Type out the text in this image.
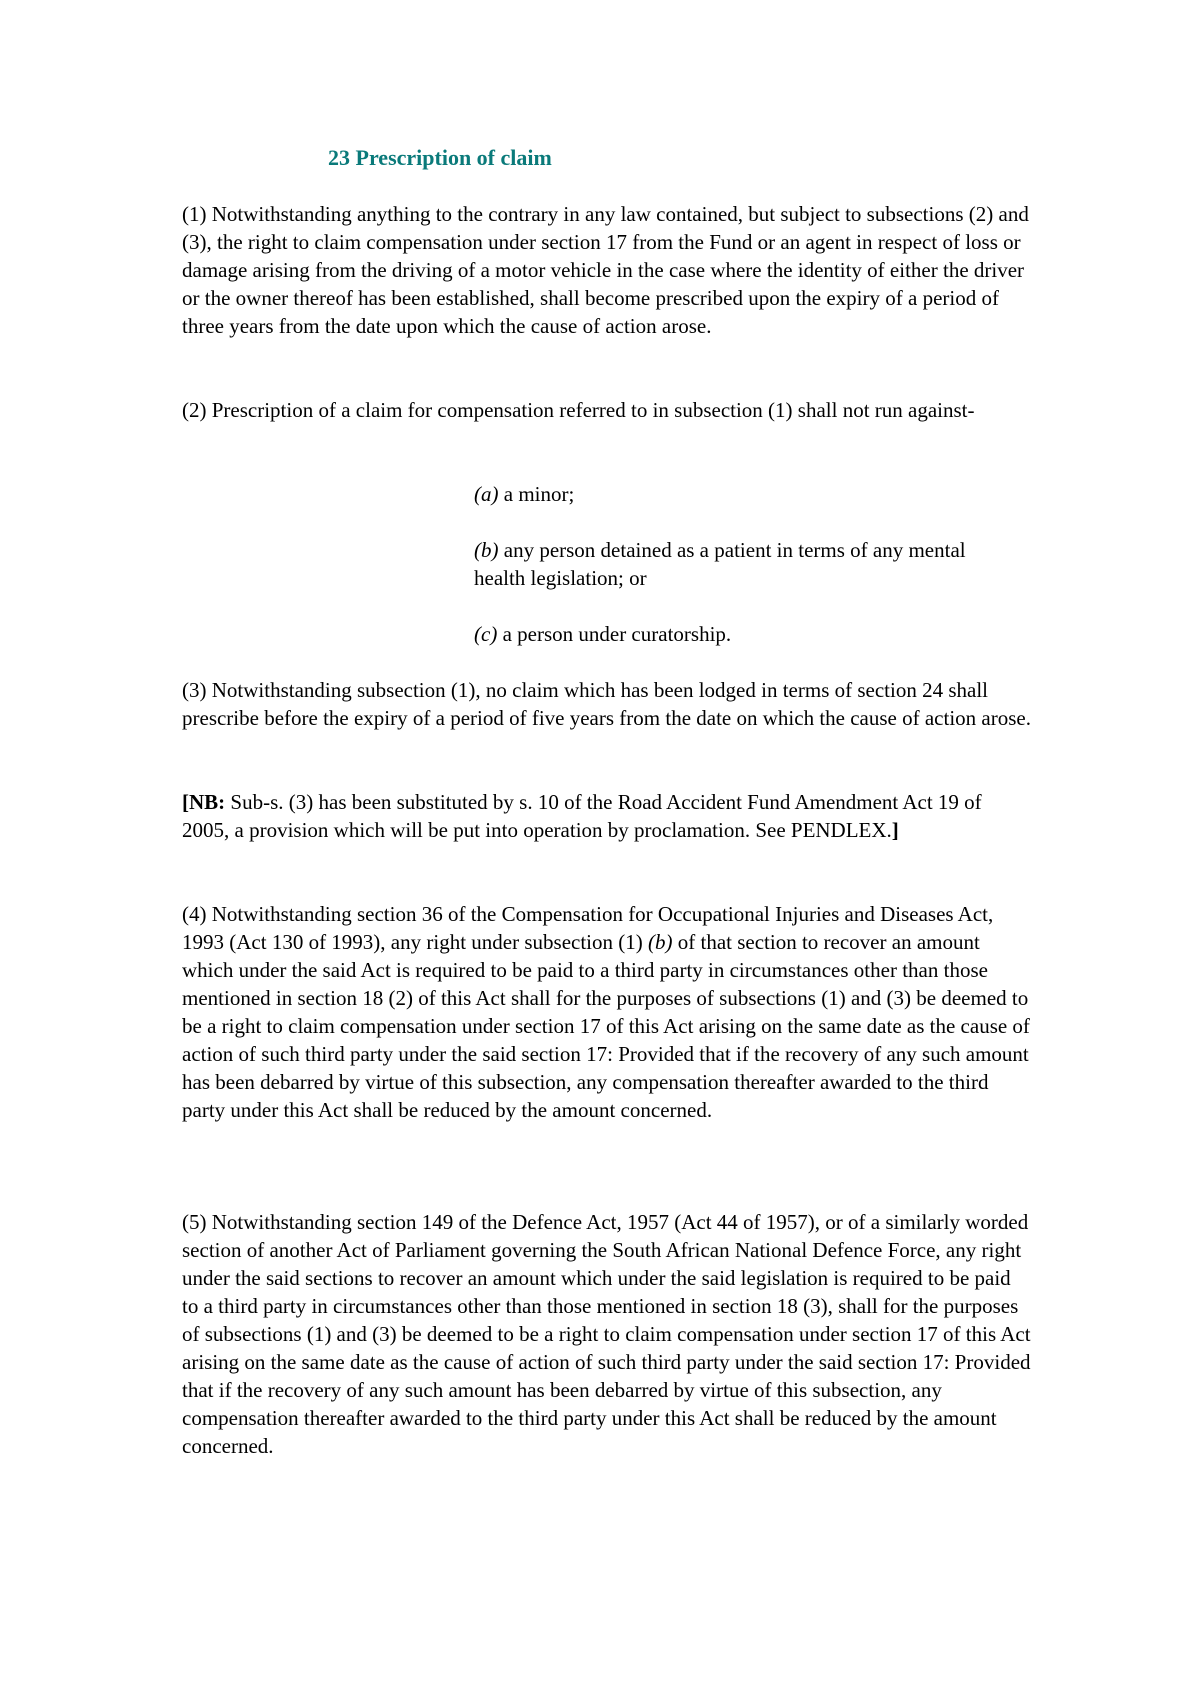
23 Prescription of claim

(1) Notwithstanding anything to the contrary in any law contained, but subject to subsections (2) and (3), the right to claim compensation under section 17 from the Fund or an agent in respect of loss or damage arising from the driving of a motor vehicle in the case where the identity of either the driver or the owner thereof has been established, shall become prescribed upon the expiry of a period of three years from the date upon which the cause of action arose.

(2) Prescription of a claim for compensation referred to in subsection (1) shall not run against-

(a) a minor;

(b) any person detained as a patient in terms of any mental health legislation; or

(c) a person under curatorship.

(3) Notwithstanding subsection (1), no claim which has been lodged in terms of section 24 shall prescribe before the expiry of a period of five years from the date on which the cause of action arose.

[NB: Sub-s. (3) has been substituted by s. 10 of the Road Accident Fund Amendment Act 19 of 2005, a provision which will be put into operation by proclamation. See PENDLEX.]

(4) Notwithstanding section 36 of the Compensation for Occupational Injuries and Diseases Act, 1993 (Act 130 of 1993), any right under subsection (1) (b) of that section to recover an amount which under the said Act is required to be paid to a third party in circumstances other than those mentioned in section 18 (2) of this Act shall for the purposes of subsections (1) and (3) be deemed to be a right to claim compensation under section 17 of this Act arising on the same date as the cause of action of such third party under the said section 17: Provided that if the recovery of any such amount has been debarred by virtue of this subsection, any compensation thereafter awarded to the third party under this Act shall be reduced by the amount concerned.

(5) Notwithstanding section 149 of the Defence Act, 1957 (Act 44 of 1957), or of a similarly worded section of another Act of Parliament governing the South African National Defence Force, any right under the said sections to recover an amount which under the said legislation is required to be paid to a third party in circumstances other than those mentioned in section 18 (3), shall for the purposes of subsections (1) and (3) be deemed to be a right to claim compensation under section 17 of this Act arising on the same date as the cause of action of such third party under the said section 17: Provided that if the recovery of any such amount has been debarred by virtue of this subsection, any compensation thereafter awarded to the third party under this Act shall be reduced by the amount concerned.
